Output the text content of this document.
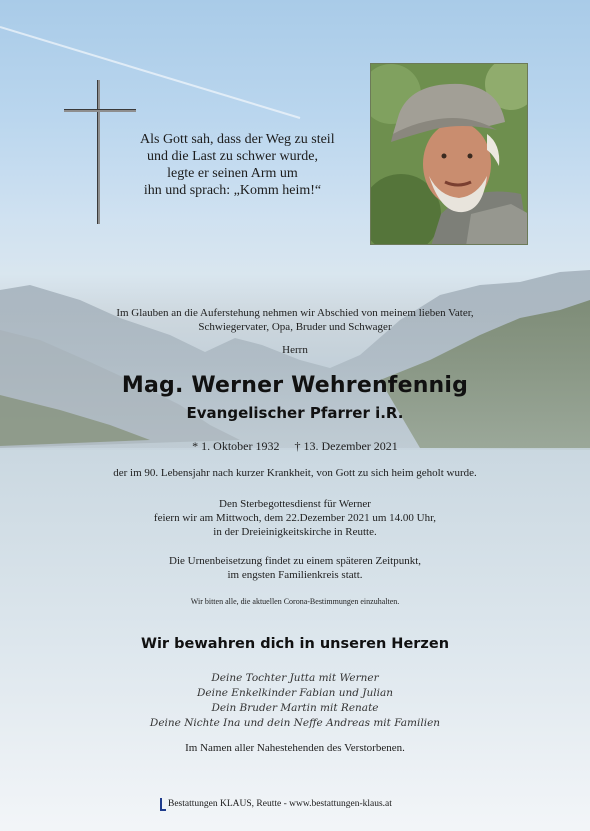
Als Gott sah, dass der Weg zu steil
und die Last zu schwer wurde,
legte er seinen Arm um
ihn und sprach: „Komm heim!“
Im Glauben an die Auferstehung nehmen wir Abschied von meinem lieben Vater,
Schwiegervater, Opa, Bruder und Schwager
Herrn
Mag. Werner Wehrenfennig
Evangelischer Pfarrer i.R.
* 1. Oktober 1932 † 13. Dezember 2021
der im 90. Lebensjahr nach kurzer Krankheit, von Gott zu sich heim geholt wurde.
Den Sterbegottesdienst für Werner
feiern wir am Mittwoch, dem 22.Dezember 2021 um 14.00 Uhr,
in der Dreieinigkeitskirche in Reutte.
Die Urnenbeisetzung findet zu einem späteren Zeitpunkt,
im engsten Familienkreis statt.
Wir bitten alle, die aktuellen Corona-Bestimmungen einzuhalten.
Wir bewahren dich in unseren Herzen
Deine Tochter Jutta mit Werner
Deine Enkelkinder Fabian und Julian
Dein Bruder Martin mit Renate
Deine Nichte Ina und dein Neffe Andreas mit Familien
Im Namen aller Nahestehenden des Verstorbenen.
Bestattungen KLAUS, Reutte - www.bestattungen-klaus.at
